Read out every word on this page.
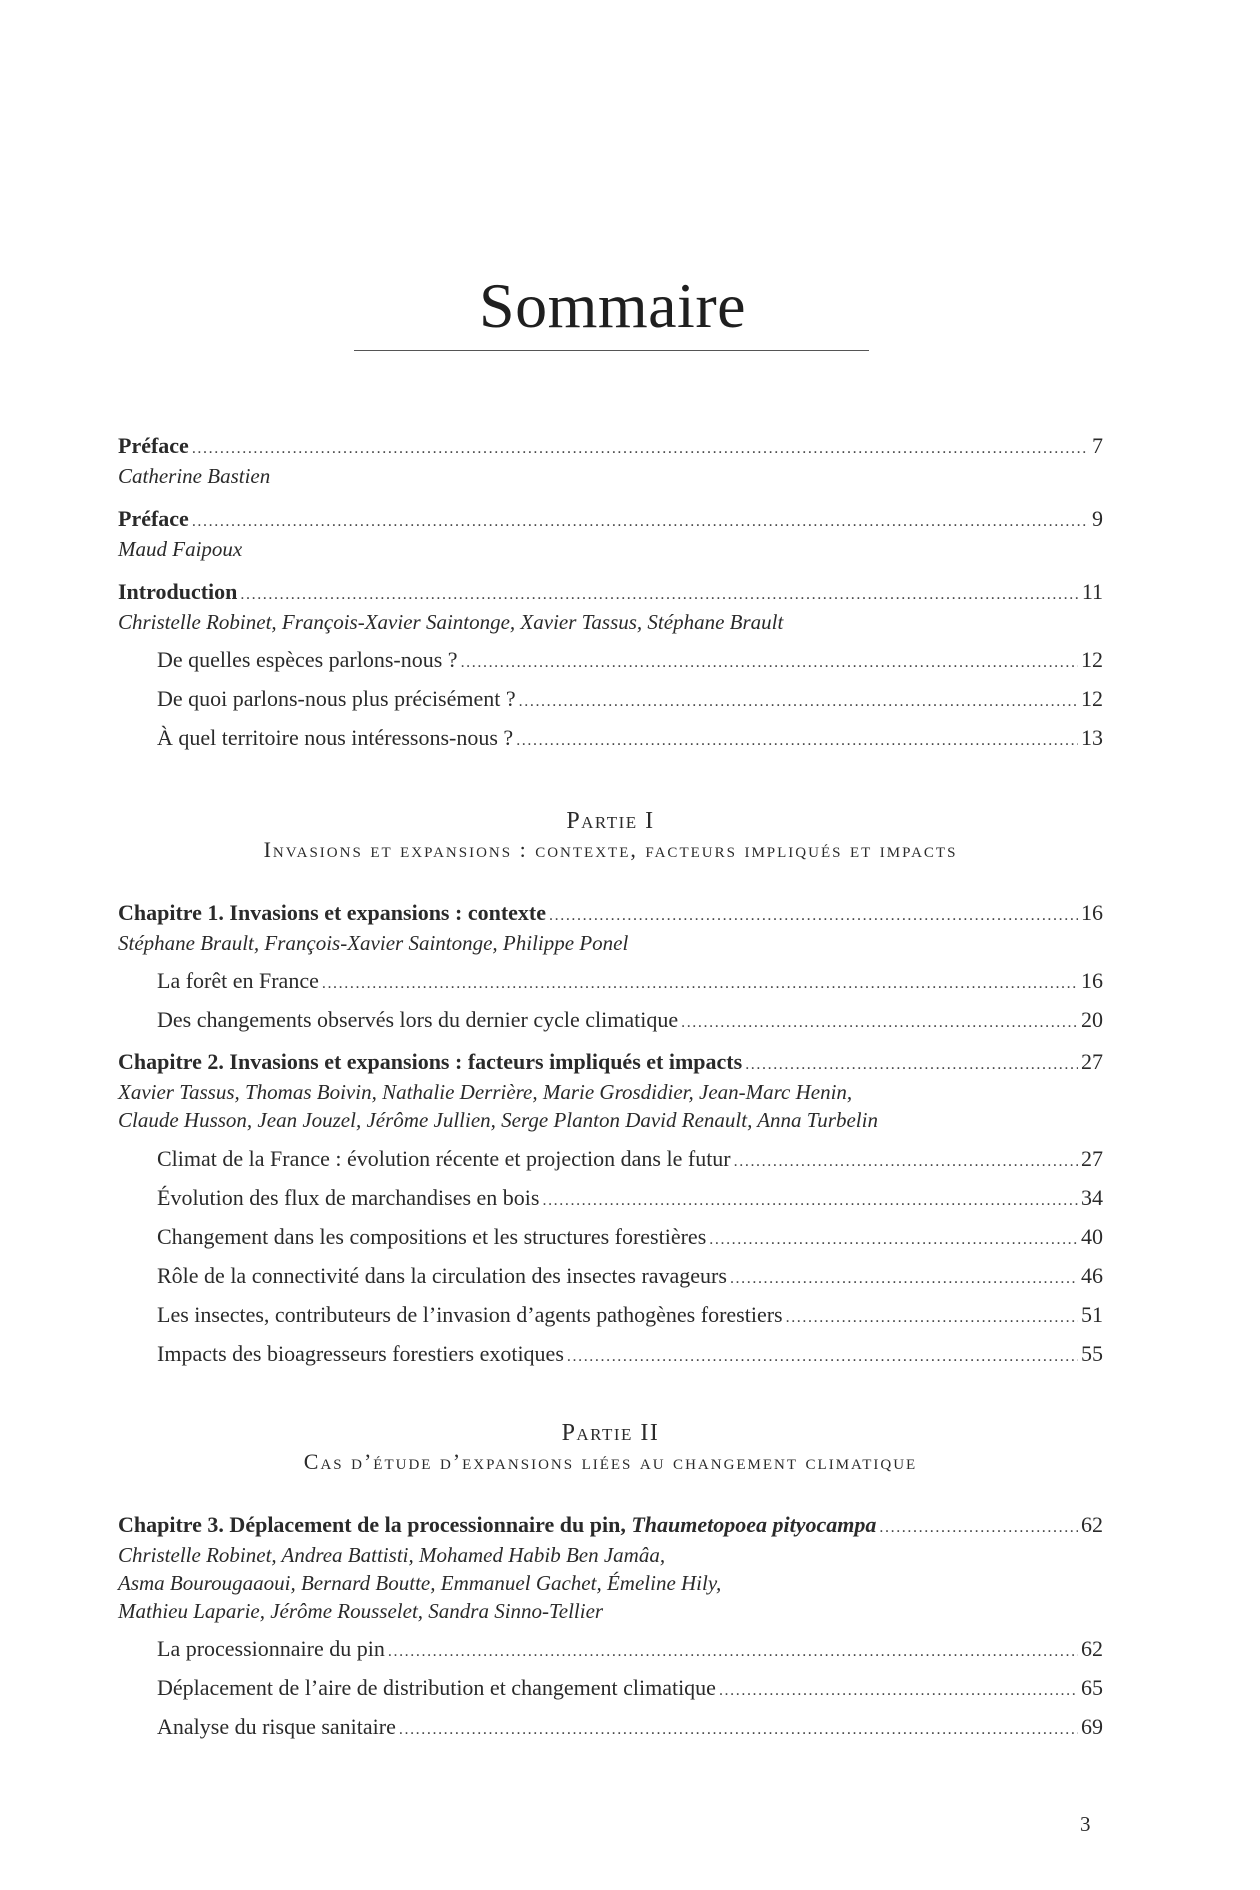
Sommaire
Préface . . .	7
Catherine Bastien
Préface . . .	9
Maud Faipoux
Introduction . . .	11
Christelle Robinet, François-Xavier Saintonge, Xavier Tassus, Stéphane Brault
De quelles espèces parlons-nous ? . . .	12
De quoi parlons-nous plus précisément ? . . .	12
À quel territoire nous intéressons-nous ? . . .	13
Partie I
Invasions et expansions : contexte, facteurs impliqués et impacts
Chapitre 1. Invasions et expansions : contexte . . .	16
Stéphane Brault, François-Xavier Saintonge, Philippe Ponel
La forêt en France . . .	16
Des changements observés lors du dernier cycle climatique . . .	20
Chapitre 2. Invasions et expansions : facteurs impliqués et impacts . . .	27
Xavier Tassus, Thomas Boivin, Nathalie Derrière, Marie Grosdidier, Jean-Marc Henin,
Claude Husson, Jean Jouzel, Jérôme Jullien, Serge Planton David Renault, Anna Turbelin
Climat de la France : évolution récente et projection dans le futur . . .	27
Évolution des flux de marchandises en bois . . .	34
Changement dans les compositions et les structures forestières . . .	40
Rôle de la connectivité dans la circulation des insectes ravageurs . . .	46
Les insectes, contributeurs de l’invasion d’agents pathogènes forestiers . . .	51
Impacts des bioagresseurs forestiers exotiques . . .	55
Partie II
Cas d’étude d’expansions liées au changement climatique
Chapitre 3. Déplacement de la processionnaire du pin, Thaumetopoea pityocampa . . .	62
Christelle Robinet, Andrea Battisti, Mohamed Habib Ben Jamâa,
Asma Bourougaaoui, Bernard Boutte, Emmanuel Gachet, Émeline Hily,
Mathieu Laparie, Jérôme Rousselet, Sandra Sinno-Tellier
La processionnaire du pin . . .	62
Déplacement de l’aire de distribution et changement climatique . . .	65
Analyse du risque sanitaire . . .	69
3
